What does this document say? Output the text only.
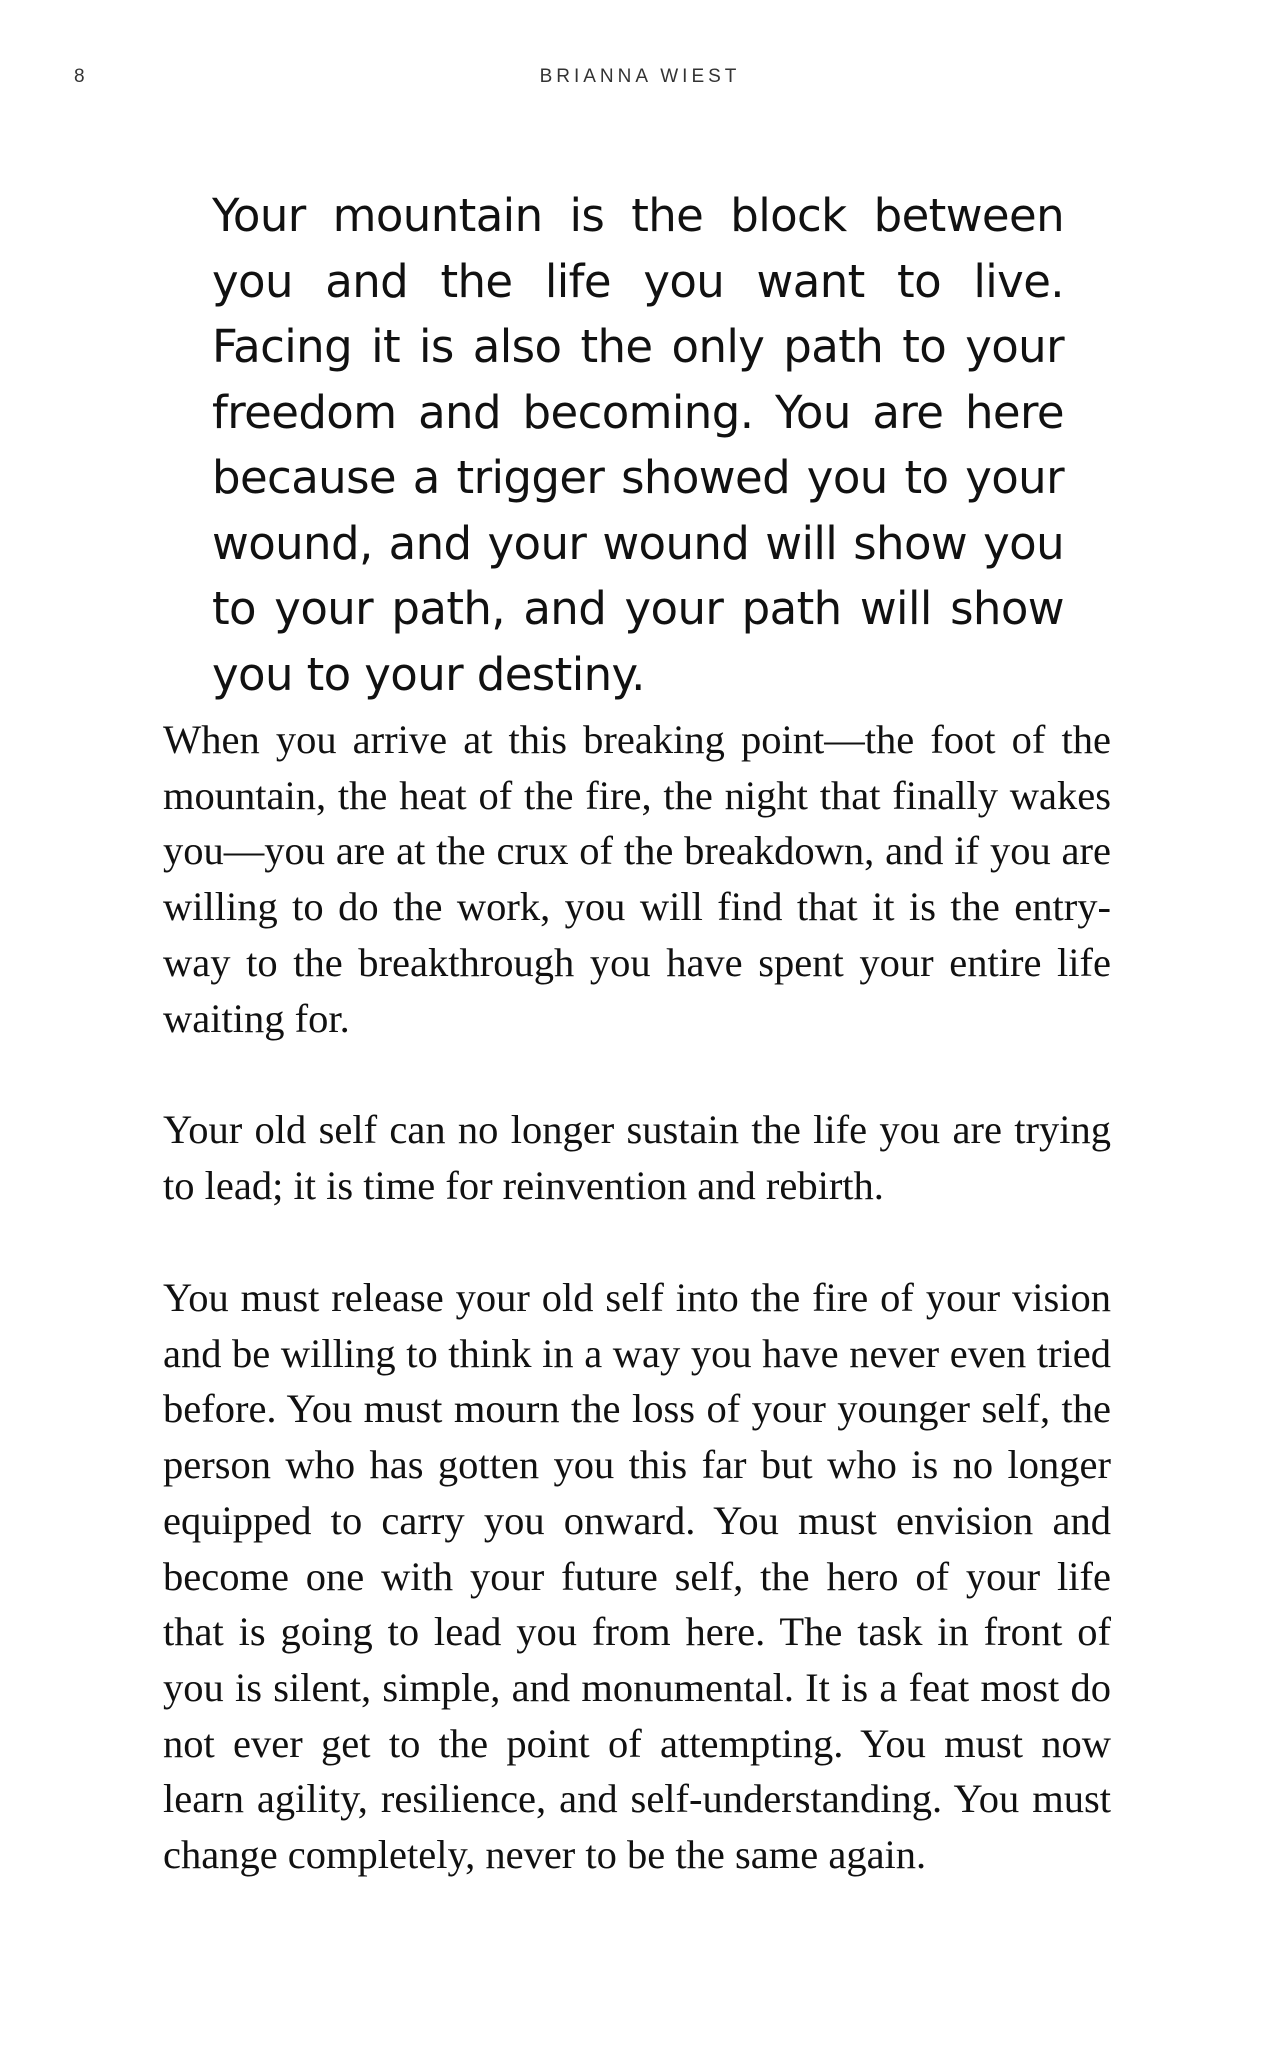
8	BRIANNA WIEST

Your mountain is the block between you and the life you want to live. Facing it is also the only path to your freedom and becoming. You are here because a trigger showed you to your wound, and your wound will show you to your path, and your path will show you to your destiny.

When you arrive at this breaking point—the foot of the mountain, the heat of the fire, the night that finally wakes you—you are at the crux of the breakdown, and if you are willing to do the work, you will find that it is the entry-way to the breakthrough you have spent your entire life waiting for.

Your old self can no longer sustain the life you are trying to lead; it is time for reinvention and rebirth.

You must release your old self into the fire of your vision and be willing to think in a way you have never even tried before. You must mourn the loss of your younger self, the person who has gotten you this far but who is no longer equipped to carry you onward. You must envision and become one with your future self, the hero of your life that is going to lead you from here. The task in front of you is silent, simple, and monumental. It is a feat most do not ever get to the point of attempting. You must now learn agility, resilience, and self-understanding. You must change completely, never to be the same again.
